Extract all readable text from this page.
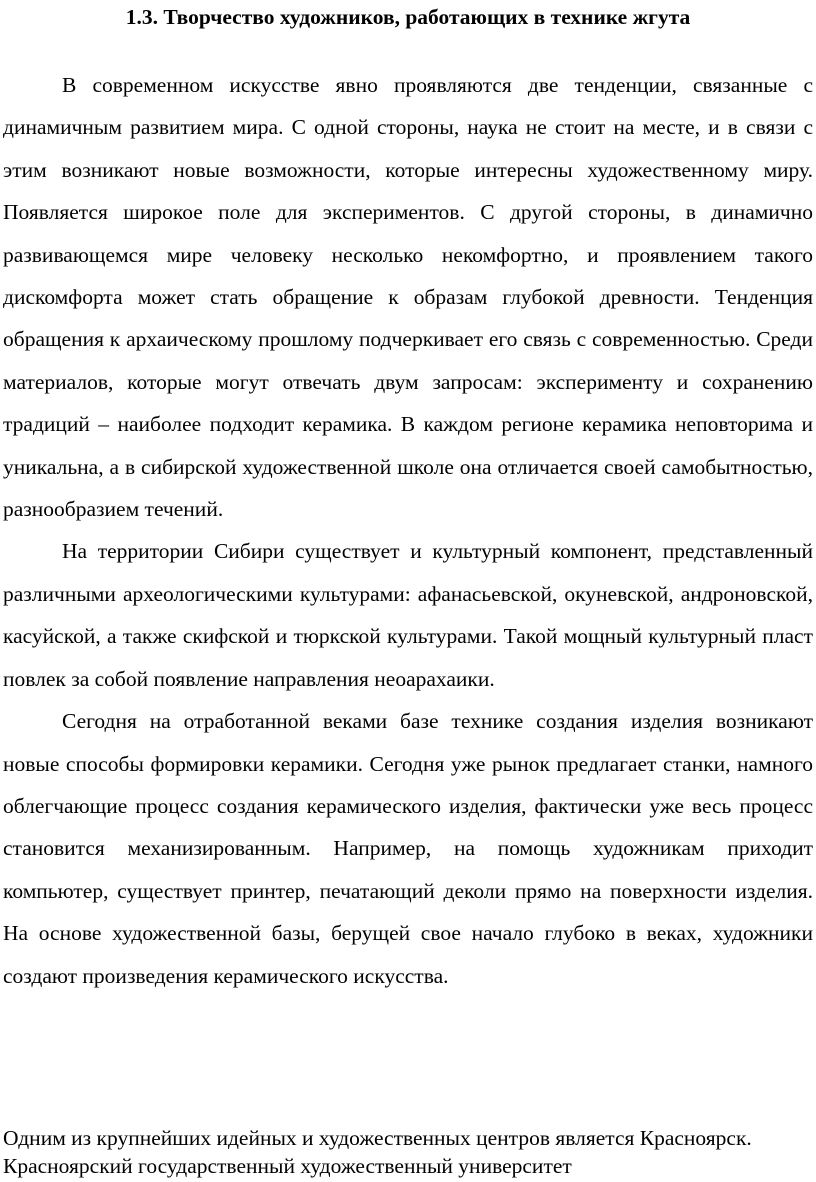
1.3. Творчество художников, работающих в технике жгута

В современном искусстве явно проявляются две тенденции, связанные с динамичным развитием мира. С одной стороны, наука не стоит на месте, и в связи с этим возникают новые возможности, которые интересны художественному миру. Появляется широкое поле для экспериментов. С другой стороны, в динамично развивающемся мире человеку несколько некомфортно, и проявлением такого дискомфорта может стать обращение к образам глубокой древности. Тенденция обращения к архаическому прошлому подчеркивает его связь с современностью. Среди материалов, которые могут отвечать двум запросам: эксперименту и сохранению традиций – наиболее подходит керамика. В каждом регионе керамика неповторима и уникальна, а в сибирской художественной школе она отличается своей самобытностью, разнообразием течений.

На территории Сибири существует и культурный компонент, представленный различными археологическими культурами: афанасьевской, окуневской, андроновской, касуйской, а также скифской и тюркской культурами. Такой мощный культурный пласт повлек за собой появление направления неоарахаики.

Сегодня на отработанной веками базе технике создания изделия возникают новые способы формировки керамики. Сегодня уже рынок предлагает станки, намного облегчающие процесс создания керамического изделия, фактически уже весь процесс становится механизированным. Например, на помощь художникам приходит компьютер, существует принтер, печатающий деколи прямо на поверхности изделия. На основе художественной базы, берущей свое начало глубоко в веках, художники создают произведения керамического искусства.

Одним из крупнейших идейных и художественных центров является Красноярск. Красноярский государственный художественный университет
